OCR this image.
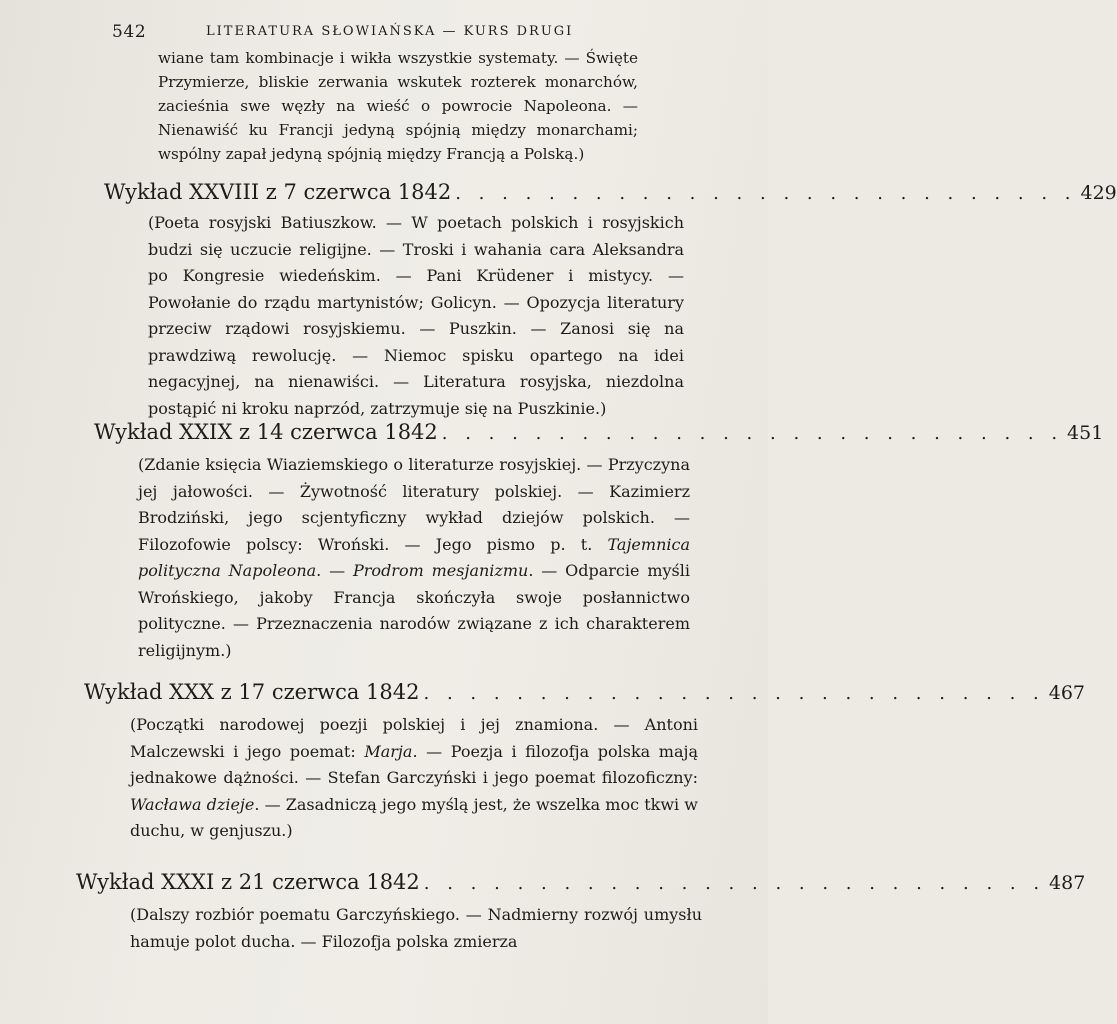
542	LITERATURA SŁOWIAŃSKA — KURS DRUGI
wiane tam kombinacje i wikła wszystkie systematy. — Święte Przymierze, bliskie zerwania wskutek rozterek monarchów, zacieśnia swe węzły na wieść o powrocie Napoleona. — Nienawiść ku Francji jedyną spójnią między monarchami; wspólny zapał jedyną spójnią między Francją a Polską.)
Wykład XXVIII z 7 czerwca 1842 . . . . . . . . . . . . . . . . . . . . . . . . . . . 429
(Poeta rosyjski Batiuszkow. — W poetach polskich i rosyjskich budzi się uczucie religijne. — Troski i wahania cara Aleksandra po Kongresie wiedeńskim. — Pani Krüdener i mistycy. — Powołanie do rządu martynistów; Golicyn. — Opozycja literatury przeciw rządowi rosyjskiemu. — Puszkin. — Zanosi się na prawdziwą rewolucję. — Niemoc spisku opartego na idei negacyjnej, na nienawiści. — Literatura rosyjska, niezdolna postąpić ni kroku naprzód, zatrzymuje się na Puszkinie.)
Wykład XXIX z 14 czerwca 1842 . . . . . . . . . . . . . . . . . . . . . . . . . . . 451
(Zdanie księcia Wiaziemskiego o literaturze rosyjskiej. — Przyczyna jej jałowości. — Żywotność literatury polskiej. — Kazimierz Brodziński, jego scjentyficzny wykład dziejów polskich. — Filozofowie polscy: Wroński. — Jego pismo p. t. Tajemnica polityczna Napoleona. — Prodrom mesjanizmu. — Odparcie myśli Wrońskiego, jakoby Francja skończyła swoje posłannictwo polityczne. — Przeznaczenia narodów związane z ich charakterem religijnym.)
Wykład XXX z 17 czerwca 1842 . . . . . . . . . . . . . . . . . . . . . . . . . . . 467
(Początki narodowej poezji polskiej i jej znamiona. — Antoni Malczewski i jego poemat: Marja. — Poezja i filozofja polska mają jednakowe dążności. — Stefan Garczyński i jego poemat filozoficzny: Wacława dzieje. — Zasadniczą jego myślą jest, że wszelka moc tkwi w duchu, w genjuszu.)
Wykład XXXI z 21 czerwca 1842 . . . . . . . . . . . . . . . . . . . . . . . . . . . 487
(Dalszy rozbiór poematu Garczyńskiego. — Nadmierny rozwój umysłu hamuje polot ducha. — Filozofja polska zmierza
